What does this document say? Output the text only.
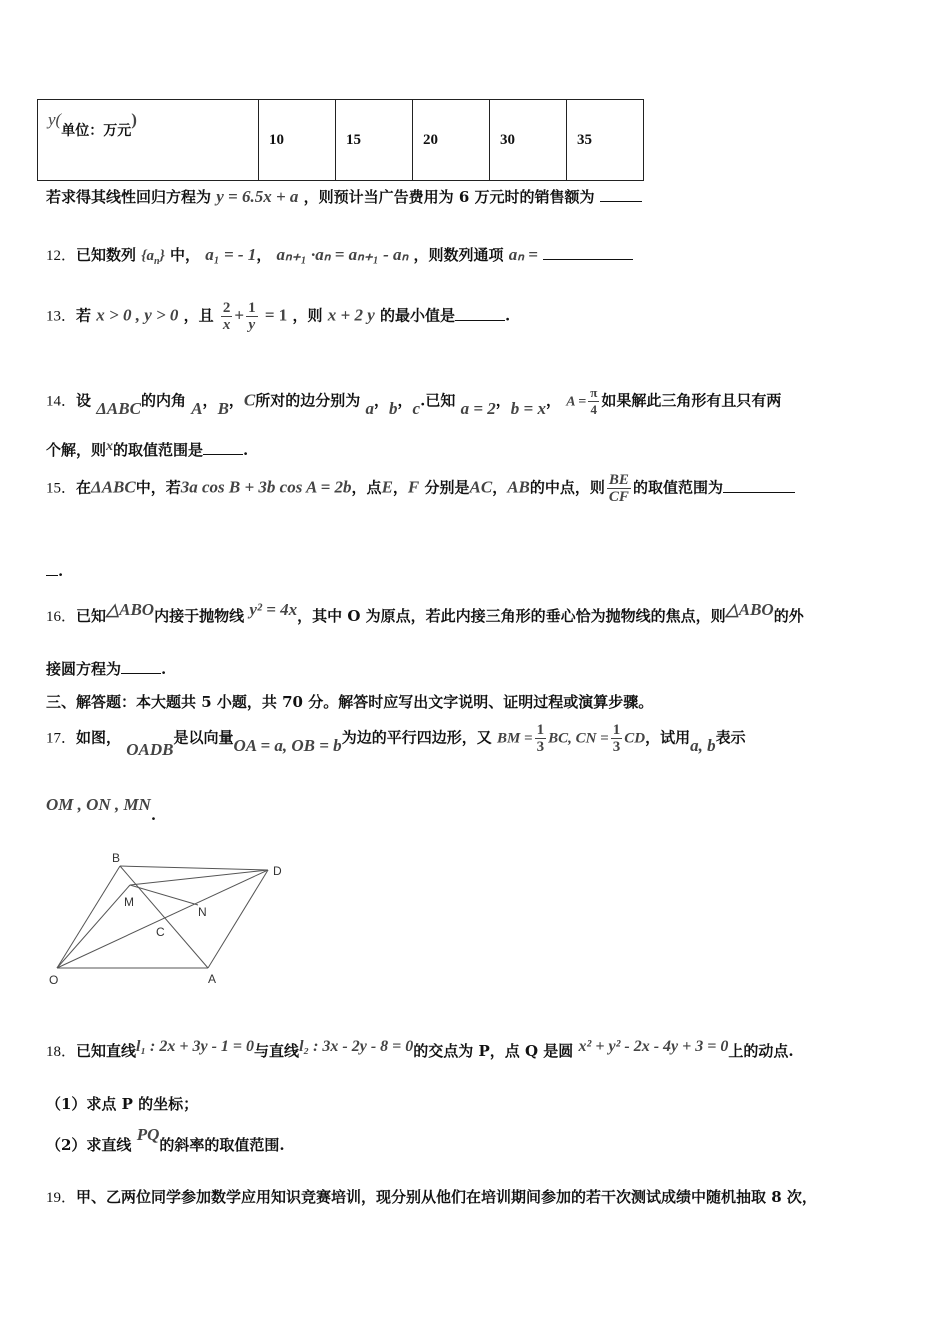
y(单位：万元)	10	15	20	30	35
若求得其线性回归方程为 y = 6.5x + a ，则预计当广告费用为 6 万元时的销售额为
12．已知数列 $\{a_n\}$ 中， a₁ = - 1， aₙ₊₁ ·aₙ = aₙ₊₁ - aₙ ，则数列通项 aₙ =
13．若 x > 0 , y > 0 ，且 $\frac{2}{x} + \frac{1}{y} = 1$ ，则 x + 2 y 的最小值是	.
14．设 ΔABC的内角 A，B，C所对的边分别为 a，b，c.已知 a = 2，b = x， $A = \frac{\pi}{4}$ 如果解此三角形有且只有两
个解，则x的取值范围是	.
15．在ΔABC中，若3a cos B + 3b cos A = 2b，点E，F 分别是AC，AB的中点，则 $\frac{BE}{CF}$ 的取值范围为
.
16．已知△ABO内接于抛物线 y² = 4x，其中 O 为原点，若此内接三角形的垂心恰为抛物线的焦点，则△ABO的外
接圆方程为	.
三、解答题：本大题共 5 小题，共 70 分。解答时应写出文字说明、证明过程或演算步骤。
17．如图， OADB是以向量OA = a, OB = b为边的平行四边形，又 BM = $\frac{1}{3}$ BC, CN = $\frac{1}{3}$ CD，试用a, b表示
OM , ON , MN.
B
D
M
N
C
O	A
18．已知直线l₁ : 2x + 3y - 1 = 0与直线l₂ : 3x - 2y - 8 = 0的交点为 P，点 Q 是圆 x² + y² - 2x - 4y + 3 = 0上的动点.
（1）求点 P 的坐标；
（2）求直线 PQ的斜率的取值范围.
19．甲、乙两位同学参加数学应用知识竞赛培训，现分别从他们在培训期间参加的若干次测试成绩中随机抽取 8 次，
